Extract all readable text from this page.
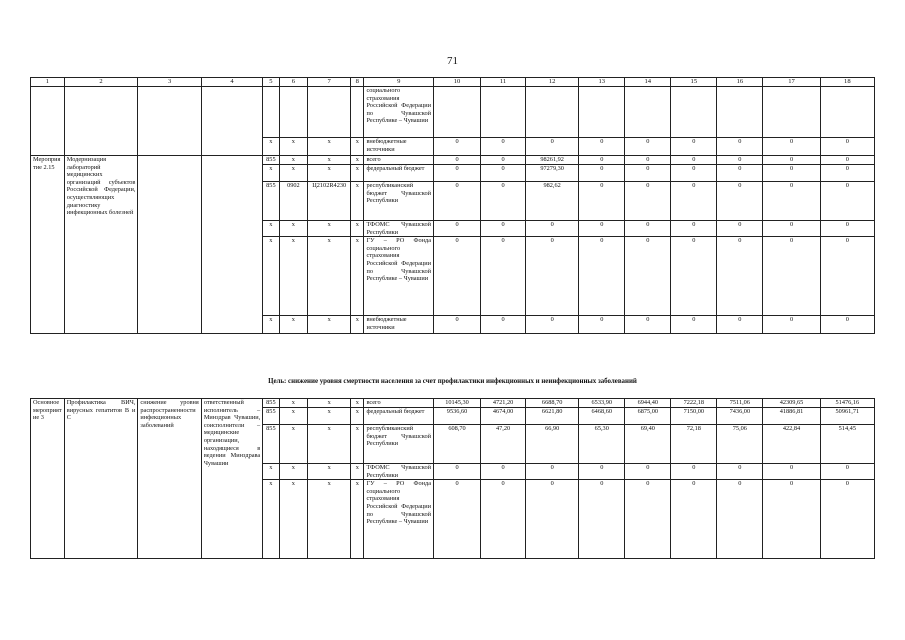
71
1	2	3	4	5	6	7	8	9	10	11	12	13	14	15	16	17	18
								социального страхования Российской Федерации по Чувашской Республике – Чувашии									
				х	х	х	х	внебюджетные источники	0	0	0	0	0	0	0	0	0
Мероприятие 2.15	Модернизация лабораторий медицинских организаций субъектов Российской Федерации, осуществляющих диагностику инфекционных болезней			855	х	х	х	всего	0	0	98261,92	0	0	0	0	0	0
				х	х	х	х	федеральный бюджет	0	0	97279,30	0	0	0	0	0	0
				855	0902	Ц2102R4230	х	республиканский бюджет Чувашской Республики	0	0	982,62	0	0	0	0	0	0
				х	х	х	х	ТФОМС Чувашской Республики	0	0	0	0	0	0	0	0	0
				х	х	х	х	ГУ – РО Фонда социального страхования Российской Федерации по Чувашской Республике – Чувашии	0	0	0	0	0	0	0	0	0
				х	х	х	х	внебюджетные источники	0	0	0	0	0	0	0	0	0
Цель: снижение уровня смертности населения за счет профилактики инфекционных и неинфекционных заболеваний
Основное мероприятие 3	Профилактика ВИЧ, вирусных гепатитов В и С	снижение уровня распространенности инфекционных заболеваний	ответственный исполнитель – Минздрав Чувашии, соисполнители – медицинские организации, находящиеся в ведении Минздрава Чувашии	855	х	х	х	всего	10145,30	4721,20	6688,70	6533,90	6944,40	7222,18	7511,06	42309,65	51476,16
				855	х	х	х	федеральный бюджет	9536,60	4674,00	6621,80	6468,60	6875,00	7150,00	7436,00	41886,81	50961,71
				855	х	х	х	республиканский бюджет Чувашской Республики	608,70	47,20	66,90	65,30	69,40	72,18	75,06	422,84	514,45
				х	х	х	х	ТФОМС Чувашской Республики	0	0	0	0	0	0	0	0	0
				х	х	х	х	ГУ – РО Фонда социального страхования Российской Федерации по Чувашской Республике – Чувашии	0	0	0	0	0	0	0	0	0
